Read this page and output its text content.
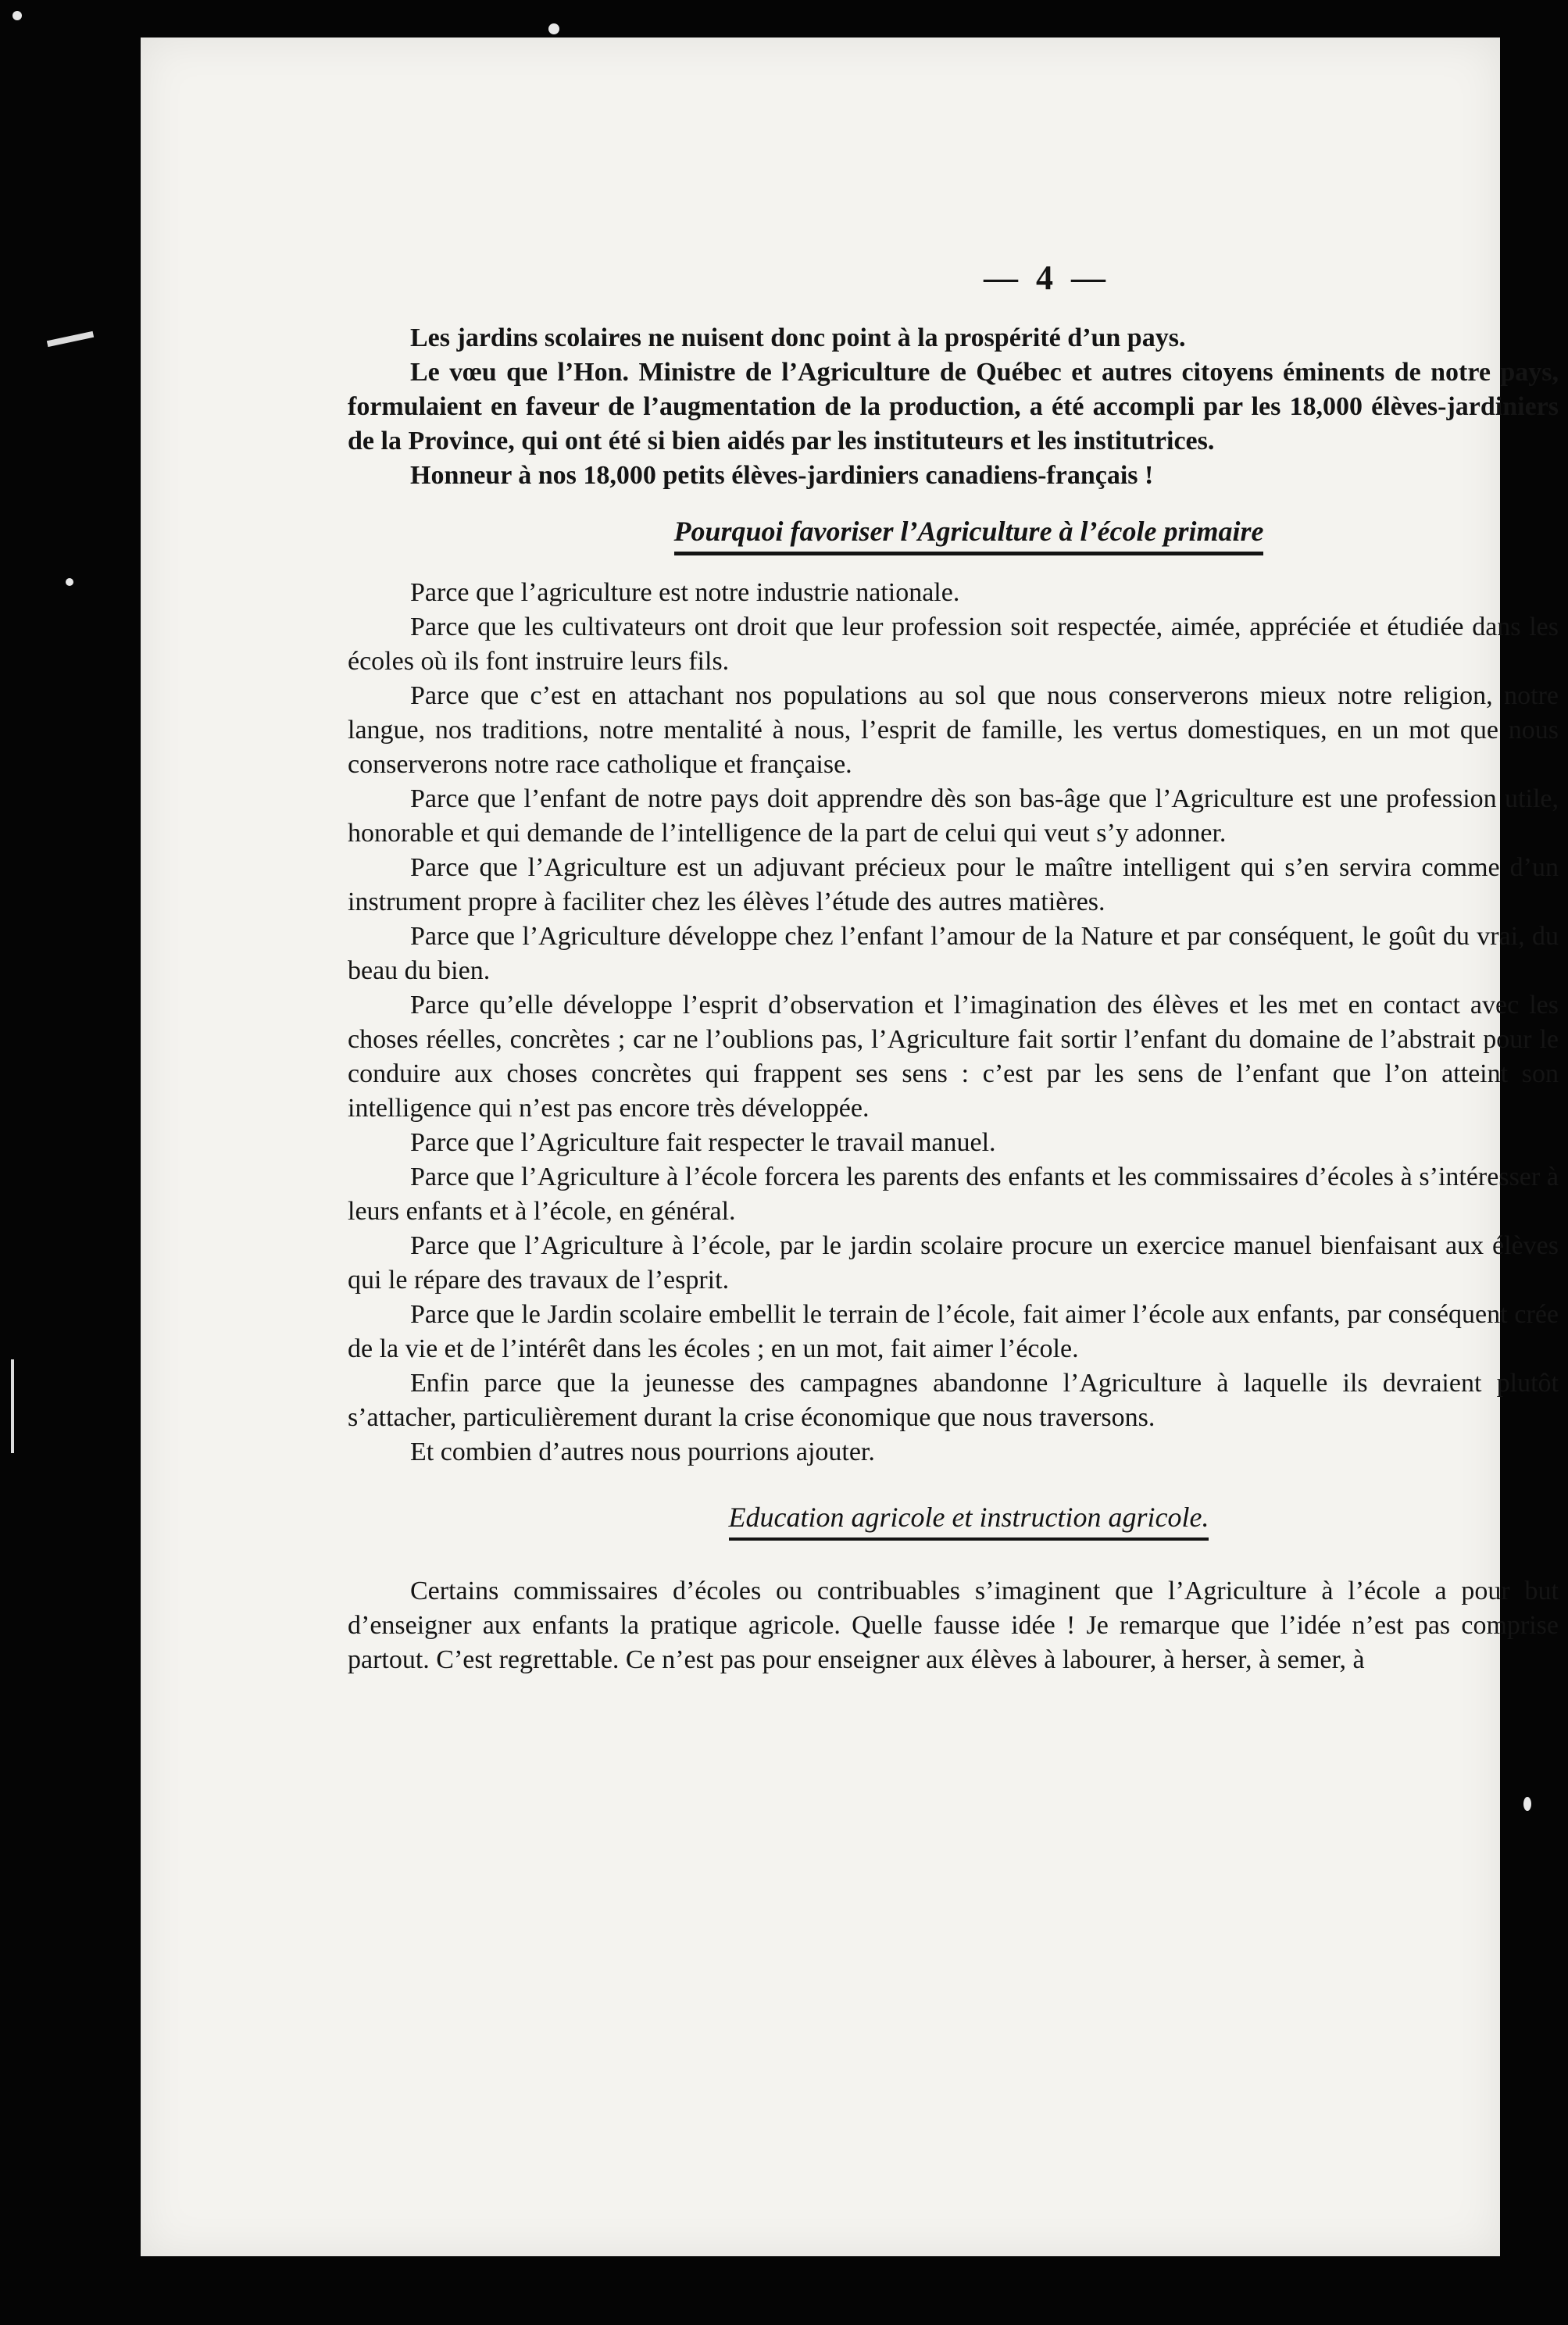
— 4 —

Les jardins scolaires ne nuisent donc point à la prospérité d’un pays.

Le vœu que l’Hon. Ministre de l’Agriculture de Québec et autres citoyens éminents de notre pays, formulaient en faveur de l’augmentation de la production, a été accompli par les 18,000 élèves-jardiniers de la Province, qui ont été si bien aidés par les instituteurs et les institutrices.

Honneur à nos 18,000 petits élèves-jardiniers canadiens-français !

Pourquoi favoriser l’Agriculture à l’école primaire

Parce que l’agriculture est notre industrie nationale.

Parce que les cultivateurs ont droit que leur profession soit respectée, aimée, appréciée et étudiée dans les écoles où ils font instruire leurs fils.

Parce que c’est en attachant nos populations au sol que nous conserverons mieux notre religion, notre langue, nos traditions, notre mentalité à nous, l’esprit de famille, les vertus domestiques, en un mot que nous conserverons notre race catholique et française.

Parce que l’enfant de notre pays doit apprendre dès son bas-âge que l’Agriculture est une profession utile, honorable et qui demande de l’intelligence de la part de celui qui veut s’y adonner.

Parce que l’Agriculture est un adjuvant précieux pour le maître intelligent qui s’en servira comme d’un instrument propre à faciliter chez les élèves l’étude des autres matières.

Parce que l’Agriculture développe chez l’enfant l’amour de la Nature et par conséquent, le goût du vrai, du beau du bien.

Parce qu’elle développe l’esprit d’observation et l’imagination des élèves et les met en contact avec les choses réelles, concrètes ; car ne l’oublions pas, l’Agriculture fait sortir l’enfant du domaine de l’abstrait pour le conduire aux choses concrètes qui frappent ses sens : c’est par les sens de l’enfant que l’on atteint son intelligence qui n’est pas encore très développée.

Parce que l’Agriculture fait respecter le travail manuel.

Parce que l’Agriculture à l’école forcera les parents des enfants et les commissaires d’écoles à s’intéresser à leurs enfants et à l’école, en général.

Parce que l’Agriculture à l’école, par le jardin scolaire procure un exercice manuel bienfaisant aux élèves qui le répare des travaux de l’esprit.

Parce que le Jardin scolaire embellit le terrain de l’école, fait aimer l’école aux enfants, par conséquent crée de la vie et de l’intérêt dans les écoles ; en un mot, fait aimer l’école.

Enfin parce que la jeunesse des campagnes abandonne l’Agriculture à laquelle ils devraient plutôt s’attacher, particulièrement durant la crise économique que nous traversons.

Et combien d’autres nous pourrions ajouter.

Education agricole et instruction agricole.

Certains commissaires d’écoles ou contribuables s’imaginent que l’Agriculture à l’école a pour but d’enseigner aux enfants la pratique agricole. Quelle fausse idée ! Je remarque que l’idée n’est pas comprise partout. C’est regrettable. Ce n’est pas pour enseigner aux élèves à labourer, à herser, à semer, à
